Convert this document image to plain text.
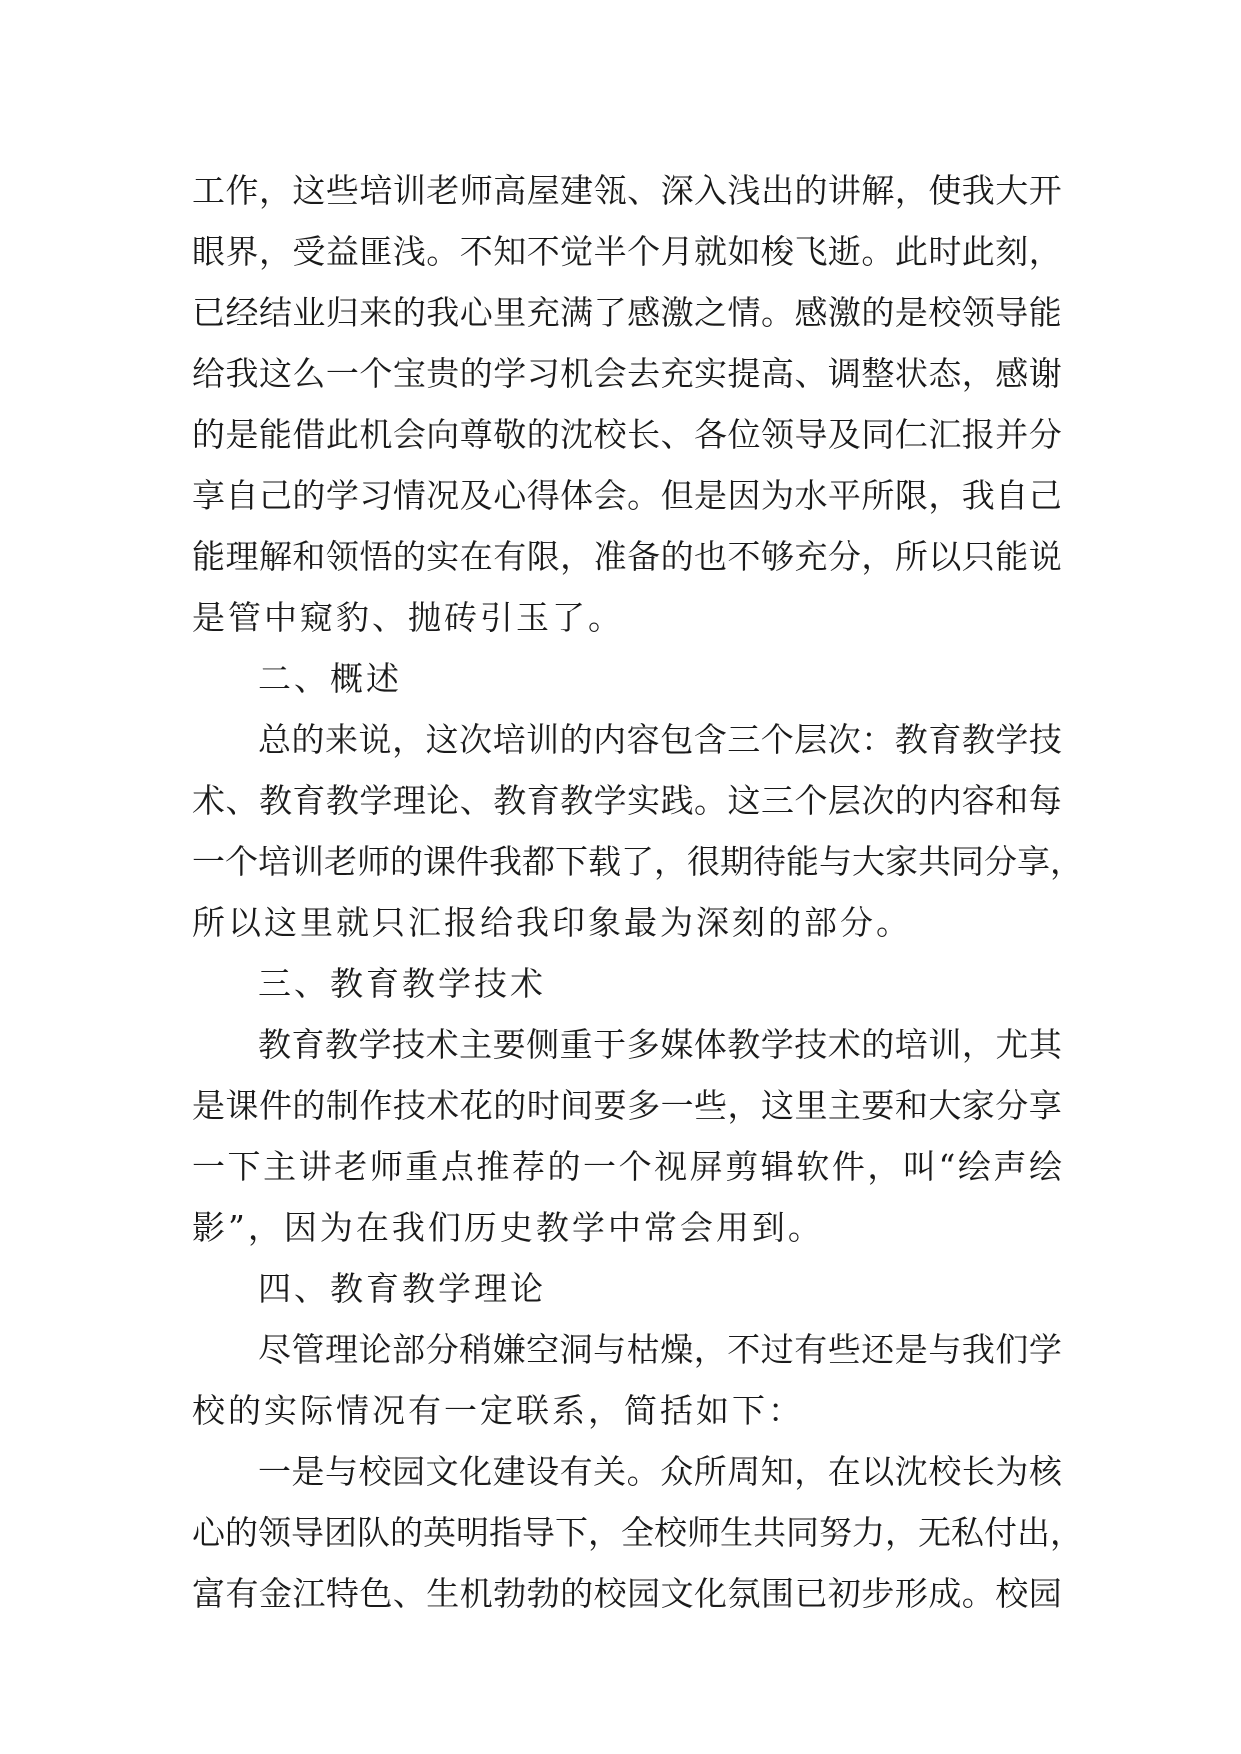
工 作 ， 这 些 培 训 老 师 高 屋 建 瓴 、 深 入 浅 出 的 讲 解 ， 使 我 大 开
眼 界 ， 受 益 匪 浅 。 不 知 不 觉 半 个 月 就 如 梭 飞 逝 。 此 时 此 刻 ，
已 经 结 业 归 来 的 我 心 里 充 满 了 感 激 之 情 。 感 激 的 是 校 领 导 能
给 我 这 么 一 个 宝 贵 的 学 习 机 会 去 充 实 提 高 、 调 整 状 态 ， 感 谢
的 是 能 借 此 机 会 向 尊 敬 的 沈 校 长 、 各 位 领 导 及 同 仁 汇 报 并 分
享 自 己 的 学 习 情 况 及 心 得 体 会 。 但 是 因 为 水 平 所 限 ， 我 自 己
能 理 解 和 领 悟 的 实 在 有 限 ， 准 备 的 也 不 够 充 分 ， 所 以 只 能 说
是管中窥豹、抛砖引玉了。
二、概述
总 的 来 说 ， 这 次 培 训 的 内 容 包 含 三 个 层 次 ： 教 育 教 学 技
术 、 教 育 教 学 理 论 、 教 育 教 学 实 践 。 这 三 个 层 次 的 内 容 和 每
一 个 培 训 老 师 的 课 件 我 都 下 载 了 ， 很 期 待 能 与 大 家 共 同 分 享 ，
所以这里就只汇报给我印象最为深刻的部分。
三、教育教学技术
教 育 教 学 技 术 主 要 侧 重 于 多 媒 体 教 学 技 术 的 培 训 ， 尤 其
是 课 件 的 制 作 技 术 花 的 时 间 要 多 一 些 ， 这 里 主 要 和 大 家 分 享
一 下 主 讲 老 师 重 点 推 荐 的 一 个 视 屏 剪 辑 软 件 ， 叫 “ 绘 声 绘
影”，因为在我们历史教学中常会用到。
四、教育教学理论
尽 管 理 论 部 分 稍 嫌 空 洞 与 枯 燥 ， 不 过 有 些 还 是 与 我 们 学
校的实际情况有一定联系，简括如下：
一 是 与 校 园 文 化 建 设 有 关 。 众 所 周 知 ， 在 以 沈 校 长 为 核
心 的 领 导 团 队 的 英 明 指 导 下 ， 全 校 师 生 共 同 努 力 ， 无 私 付 出 ，
富 有 金 江 特 色 、 生 机 勃 勃 的 校 园 文 化 氛 围 已 初 步 形 成 。 校 园
